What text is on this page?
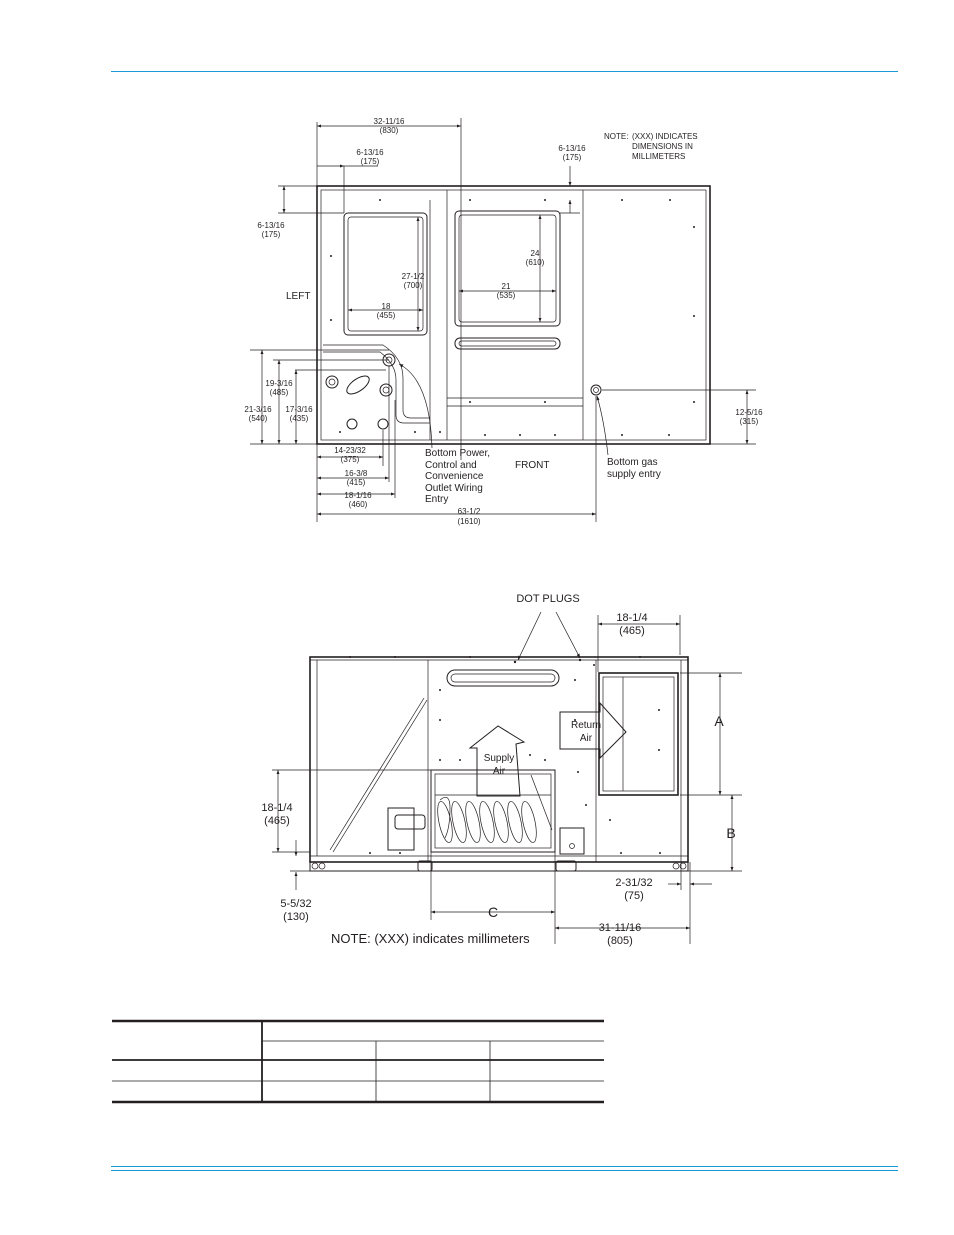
32-11/16
(830)
6-13/16
(175)
6-13/16
(175)
6-13/16
(175)
NOTE: (XXX) INDICATES
DIMENSIONS IN
MILLIMETERS
27-1/2
(700)
18
(455)
24
(610)
21
(535)
LEFT
19-3/16
(485)
21-3/16
(540)
17-3/16
(435)
12-5/16
(315)
14-23/32
(375)
16-3/8
(415)
18-1/16
(460)
63-1/2
(1610)
Bottom Power,
Control and
Convenience
Outlet Wiring
Entry
FRONT	Bottom gas
supply entry
DOT PLUGS
18-1/4
(465)
Return
Air
Supply
Air
A
B
C
18-1/4
(465)
5-5/32
(130)
2-31/32
(75)
31-11/16
(805)
NOTE: (XXX) indicates millimeters
